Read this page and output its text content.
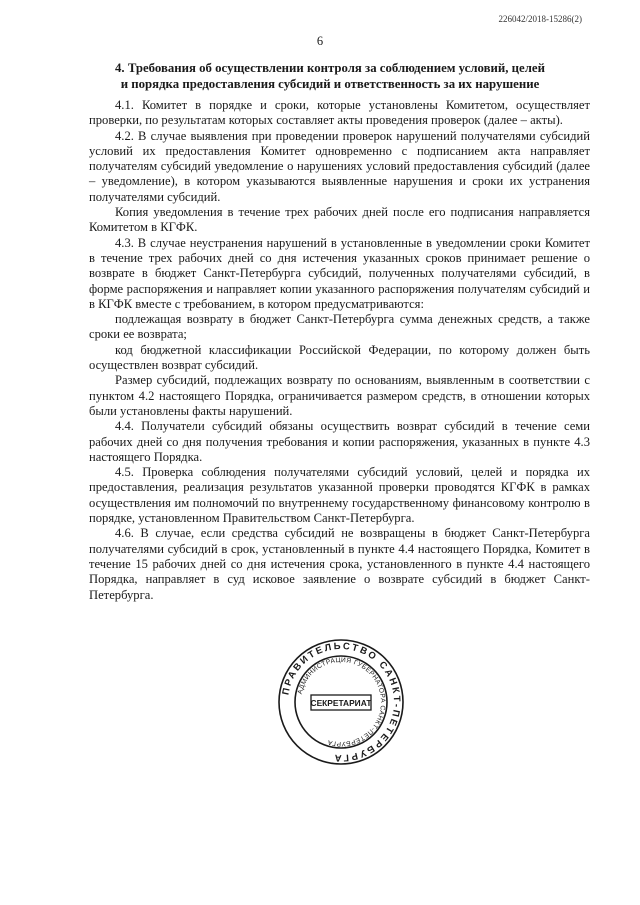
226042/2018-15286(2)
6
4. Требования об осуществлении контроля за соблюдением условий, целей
и порядка предоставления субсидий и ответственность за их нарушение

4.1. Комитет в порядке и сроки, которые установлены Комитетом, осуществляет проверки, по результатам которых составляет акты проведения проверок (далее – акты).

4.2. В случае выявления при проведении проверок нарушений получателями субсидий условий их предоставления Комитет одновременно с подписанием акта направляет получателям субсидий уведомление о нарушениях условий предоставления субсидий (далее – уведомление), в котором указываются выявленные нарушения и сроки их устранения получателями субсидий.

Копия уведомления в течение трех рабочих дней после его подписания направляется Комитетом в КГФК.

4.3. В случае неустранения нарушений в установленные в уведомлении сроки Комитет в течение трех рабочих дней со дня истечения указанных сроков принимает решение о возврате в бюджет Санкт-Петербурга субсидий, полученных получателями субсидий, в форме распоряжения и направляет копии указанного распоряжения получателям субсидий и в КГФК вместе с требованием, в котором предусматриваются:

подлежащая возврату в бюджет Санкт-Петербурга сумма денежных средств, а также сроки ее возврата;

код бюджетной классификации Российской Федерации, по которому должен быть осуществлен возврат субсидий.

Размер субсидий, подлежащих возврату по основаниям, выявленным в соответствии с пунктом 4.2 настоящего Порядка, ограничивается размером средств, в отношении которых были установлены факты нарушений.

4.4. Получатели субсидий обязаны осуществить возврат субсидий в течение семи рабочих дней со дня получения требования и копии распоряжения, указанных в пункте 4.3 настоящего Порядка.

4.5. Проверка соблюдения получателями субсидий условий, целей и порядка их предоставления, реализация результатов указанной проверки проводятся КГФК в рамках осуществления им полномочий по внутреннему государственному финансовому контролю в порядке, установленном Правительством Санкт-Петербурга.

4.6. В случае, если средства субсидий не возвращены в бюджет Санкт-Петербурга получателями субсидий в срок, установленный в пункте 4.4 настоящего Порядка, Комитет в течение 15 рабочих дней со дня истечения срока, установленного в пункте 4.4 настоящего Порядка, направляет в суд исковое заявление о возврате субсидий в бюджет Санкт-Петербурга.

ПРАВИТЕЛЬСТВО САНКТ-ПЕТЕРБУРГА
АДМИНИСТРАЦИЯ ГУБЕРНАТОРА САНКТ-ПЕТЕРБУРГА
СЕКРЕТАРИАТ
